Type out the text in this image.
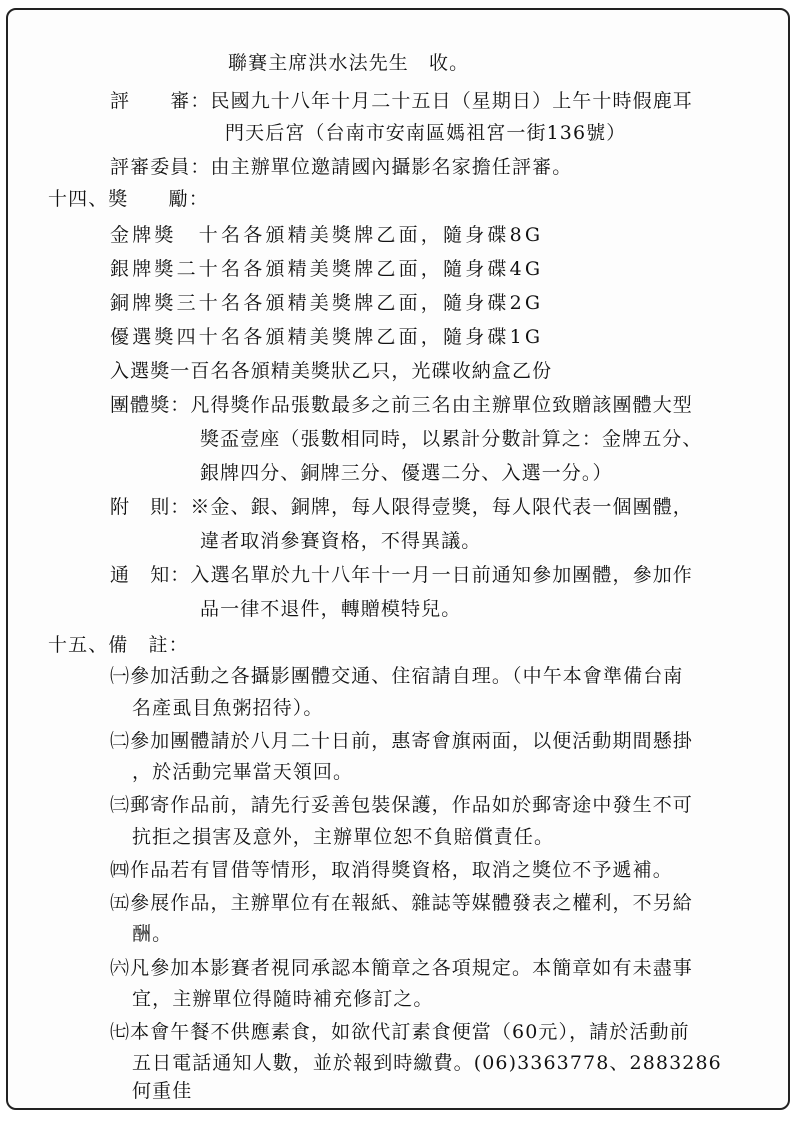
聯賽主席洪水法先生　收。
評　　審：民國九十八年十月二十五日（星期日）上午十時假鹿耳
門天后宮（台南市安南區媽祖宮一街136號）
評審委員：由主辦單位邀請國內攝影名家擔任評審。
十四、獎　　勵：
金牌獎　十名各頒精美獎牌乙面，隨身碟8G
銀牌獎二十名各頒精美獎牌乙面，隨身碟4G
銅牌獎三十名各頒精美獎牌乙面，隨身碟2G
優選獎四十名各頒精美獎牌乙面，隨身碟1G
入選獎一百名各頒精美獎狀乙只，光碟收納盒乙份
團體獎：凡得獎作品張數最多之前三名由主辦單位致贈該團體大型
獎盃壹座（張數相同時，以累計分數計算之：金牌五分、
銀牌四分、銅牌三分、優選二分、入選一分。）
附　則：※金、銀、銅牌，每人限得壹獎，每人限代表一個團體，
違者取消參賽資格，不得異議。
通　知：入選名單於九十八年十一月一日前通知參加團體，參加作
品一律不退件，轉贈模特兒。
十五、備　註：
㈠參加活動之各攝影團體交通、住宿請自理。（中午本會準備台南
名產虱目魚粥招待）。
㈡參加團體請於八月二十日前，惠寄會旗兩面，以便活動期間懸掛
，於活動完畢當天領回。
㈢郵寄作品前，請先行妥善包裝保護，作品如於郵寄途中發生不可
抗拒之損害及意外，主辦單位恕不負賠償責任。
㈣作品若有冒借等情形，取消得獎資格，取消之獎位不予遞補。
㈤參展作品，主辦單位有在報紙、雜誌等媒體發表之權利，不另給
酬。
㈥凡參加本影賽者視同承認本簡章之各項規定。本簡章如有未盡事
宜，主辦單位得隨時補充修訂之。
㈦本會午餐不供應素食，如欲代訂素食便當（60元），請於活動前
五日電話通知人數，並於報到時繳費。(06)3363778、2883286
何重佳
